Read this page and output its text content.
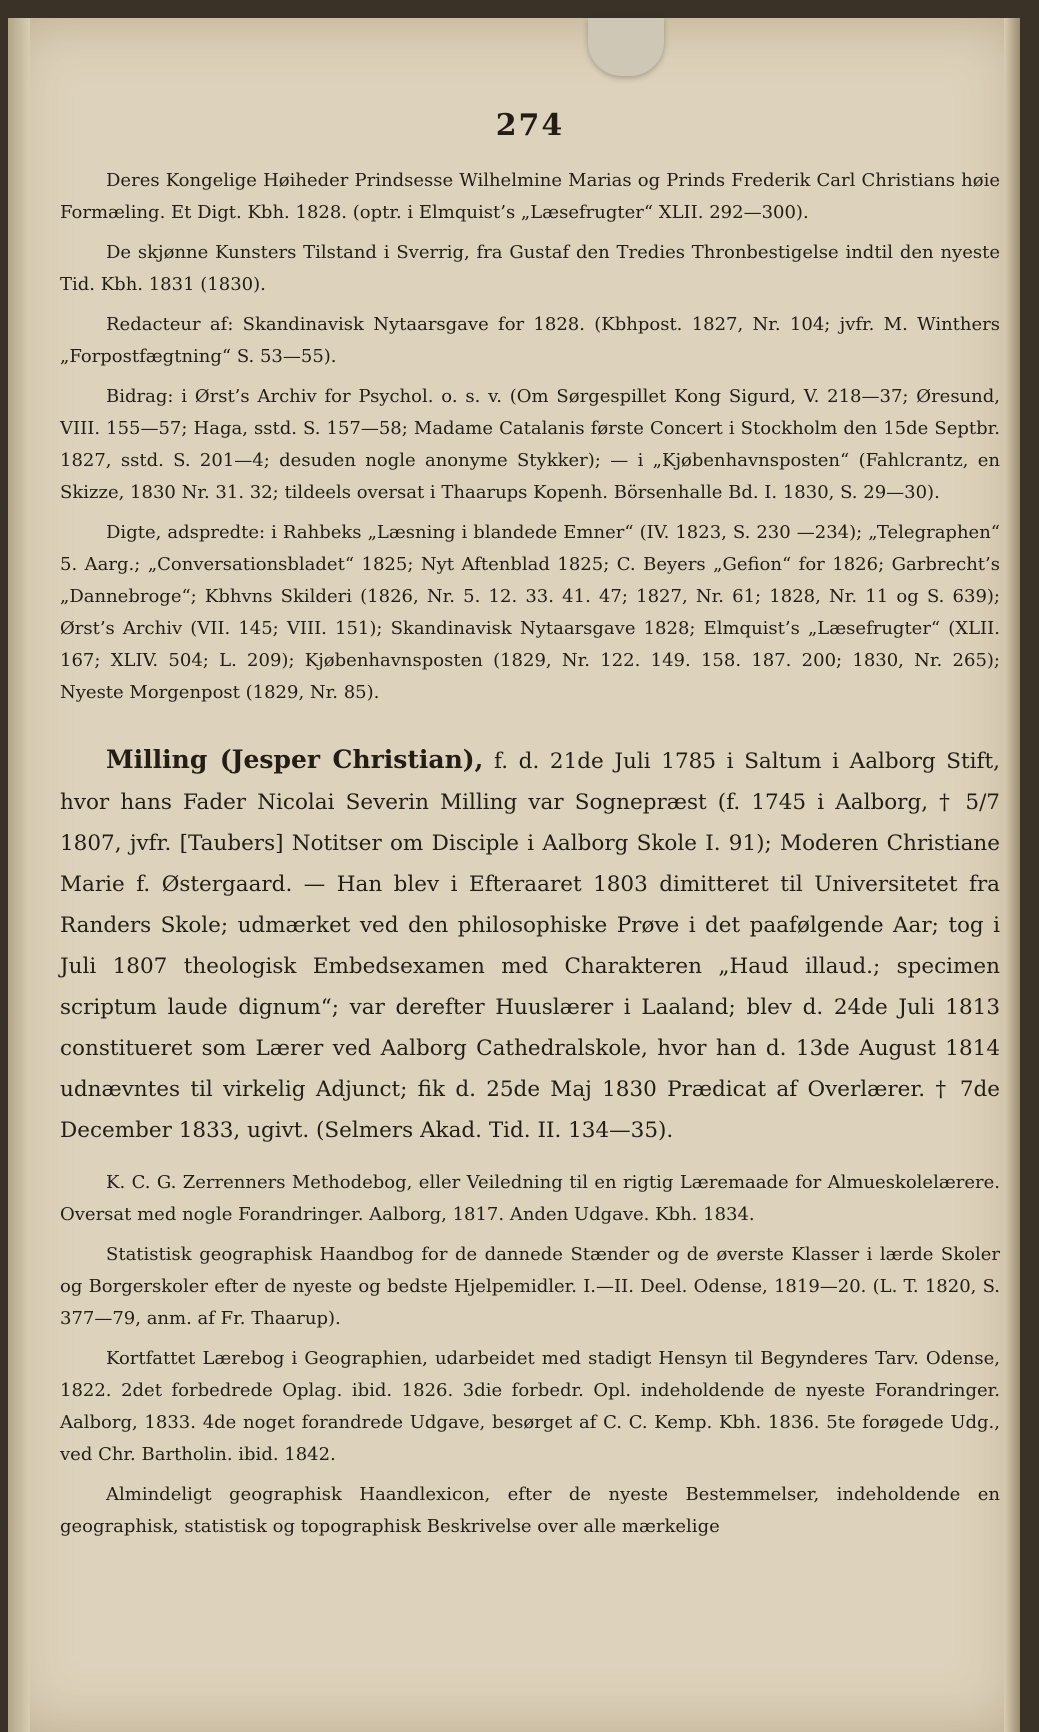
274

Deres Kongelige Høiheder Prindsesse Wilhelmine Marias og Prinds Frederik Carl Christians høie Formæling. Et Digt. Kbh. 1828. (optr. i Elmquist’s „Læsefrugter“ XLII. 292—300).

De skjønne Kunsters Tilstand i Sverrig, fra Gustaf den Tredies Thronbestigelse indtil den nyeste Tid. Kbh. 1831 (1830).

Redacteur af: Skandinavisk Nytaarsgave for 1828. (Kbhpost. 1827, Nr. 104; jvfr. M. Winthers „Forpostfægtning“ S. 53—55).

Bidrag: i Ørst’s Archiv for Psychol. o. s. v. (Om Sørgespillet Kong Sigurd, V. 218—37; Øresund, VIII. 155—57; Haga, sstd. S. 157—58; Madame Catalanis første Concert i Stockholm den 15de Septbr. 1827, sstd. S. 201—4; desuden nogle anonyme Stykker); — i „Kjøbenhavnsposten“ (Fahlcrantz, en Skizze, 1830 Nr. 31. 32; tildeels oversat i Thaarups Kopenh. Börsenhalle Bd. I. 1830, S. 29—30).

Digte, adspredte: i Rahbeks „Læsning i blandede Emner“ (IV. 1823, S. 230 —234); „Telegraphen“ 5. Aarg.; „Conversationsbladet“ 1825; Nyt Aftenblad 1825; C. Beyers „Gefion“ for 1826; Garbrecht’s „Dannebroge“; Kbhvns Skilderi (1826, Nr. 5. 12. 33. 41. 47; 1827, Nr. 61; 1828, Nr. 11 og S. 639); Ørst’s Archiv (VII. 145; VIII. 151); Skandinavisk Nytaarsgave 1828; Elmquist’s „Læsefrugter“ (XLII. 167; XLIV. 504; L. 209); Kjøbenhavnsposten (1829, Nr. 122. 149. 158. 187. 200; 1830, Nr. 265); Nyeste Morgenpost (1829, Nr. 85).

Milling (Jesper Christian), f. d. 21de Juli 1785 i Saltum i Aalborg Stift, hvor hans Fader Nicolai Severin Milling var Sognepræst (f. 1745 i Aalborg, † 5/7 1807, jvfr. [Taubers] Notitser om Disciple i Aalborg Skole I. 91); Moderen Christiane Marie f. Østergaard. — Han blev i Efteraaret 1803 dimitteret til Universitetet fra Randers Skole; udmærket ved den philosophiske Prøve i det paafølgende Aar; tog i Juli 1807 theologisk Embedsexamen med Charakteren „Haud illaud.; specimen scriptum laude dignum“; var derefter Huuslærer i Laaland; blev d. 24de Juli 1813 constitueret som Lærer ved Aalborg Cathedralskole, hvor han d. 13de August 1814 udnævntes til virkelig Adjunct; fik d. 25de Maj 1830 Prædicat af Overlærer. † 7de December 1833, ugivt. (Selmers Akad. Tid. II. 134—35).

K. C. G. Zerrenners Methodebog, eller Veiledning til en rigtig Læremaade for Almueskolelærere. Oversat med nogle Forandringer. Aalborg, 1817. Anden Udgave. Kbh. 1834.

Statistisk geographisk Haandbog for de dannede Stænder og de øverste Klasser i lærde Skoler og Borgerskoler efter de nyeste og bedste Hjelpemidler. I.—II. Deel. Odense, 1819—20. (L. T. 1820, S. 377—79, anm. af Fr. Thaarup).

Kortfattet Lærebog i Geographien, udarbeidet med stadigt Hensyn til Begynderes Tarv. Odense, 1822. 2det forbedrede Oplag. ibid. 1826. 3die forbedr. Opl. indeholdende de nyeste Forandringer. Aalborg, 1833. 4de noget forandrede Udgave, besørget af C. C. Kemp. Kbh. 1836. 5te forøgede Udg., ved Chr. Bartholin. ibid. 1842.

Almindeligt geographisk Haandlexicon, efter de nyeste Bestemmelser, indeholdende en geographisk, statistisk og topographisk Beskrivelse over alle mærkelige
